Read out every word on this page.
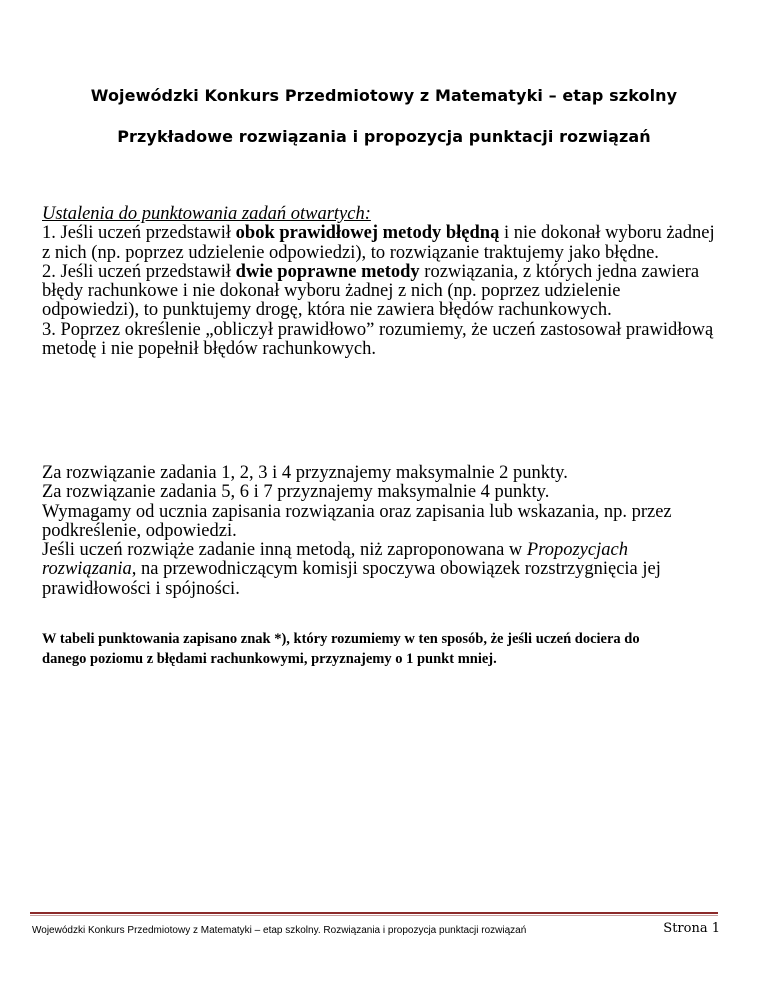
Wojewódzki Konkurs Przedmiotowy z Matematyki – etap szkolny
Przykładowe rozwiązania i propozycja punktacji rozwiązań

Ustalenia do punktowania zadań otwartych:

1. Jeśli uczeń przedstawił obok prawidłowej metody błędną i nie dokonał wyboru żadnej z nich (np. poprzez udzielenie odpowiedzi), to rozwiązanie traktujemy jako błędne.

2. Jeśli uczeń przedstawił dwie poprawne metody rozwiązania, z których jedna zawiera błędy rachunkowe i nie dokonał wyboru żadnej z nich (np. poprzez udzielenie odpowiedzi), to punktujemy drogę, która nie zawiera błędów rachunkowych.

3. Poprzez określenie „obliczył prawidłowo” rozumiemy, że uczeń zastosował prawidłową metodę i nie popełnił błędów rachunkowych.

Za rozwiązanie zadania 1, 2, 3 i 4 przyznajemy maksymalnie 2 punkty.

Za rozwiązanie zadania 5, 6 i 7 przyznajemy maksymalnie 4 punkty.

Wymagamy od ucznia zapisania rozwiązania oraz zapisania lub wskazania, np. przez podkreślenie, odpowiedzi.

Jeśli uczeń rozwiąże zadanie inną metodą, niż zaproponowana w Propozycjach rozwiązania, na przewodniczącym komisji spoczywa obowiązek rozstrzygnięcia jej prawidłowości i spójności.

W tabeli punktowania zapisano znak *), który rozumiemy w ten sposób, że jeśli uczeń dociera do danego poziomu z błędami rachunkowymi, przyznajemy o 1 punkt mniej.
Wojewódzki Konkurs Przedmiotowy z Matematyki – etap szkolny. Rozwiązania i propozycja punktacji rozwiązań	Strona 1
